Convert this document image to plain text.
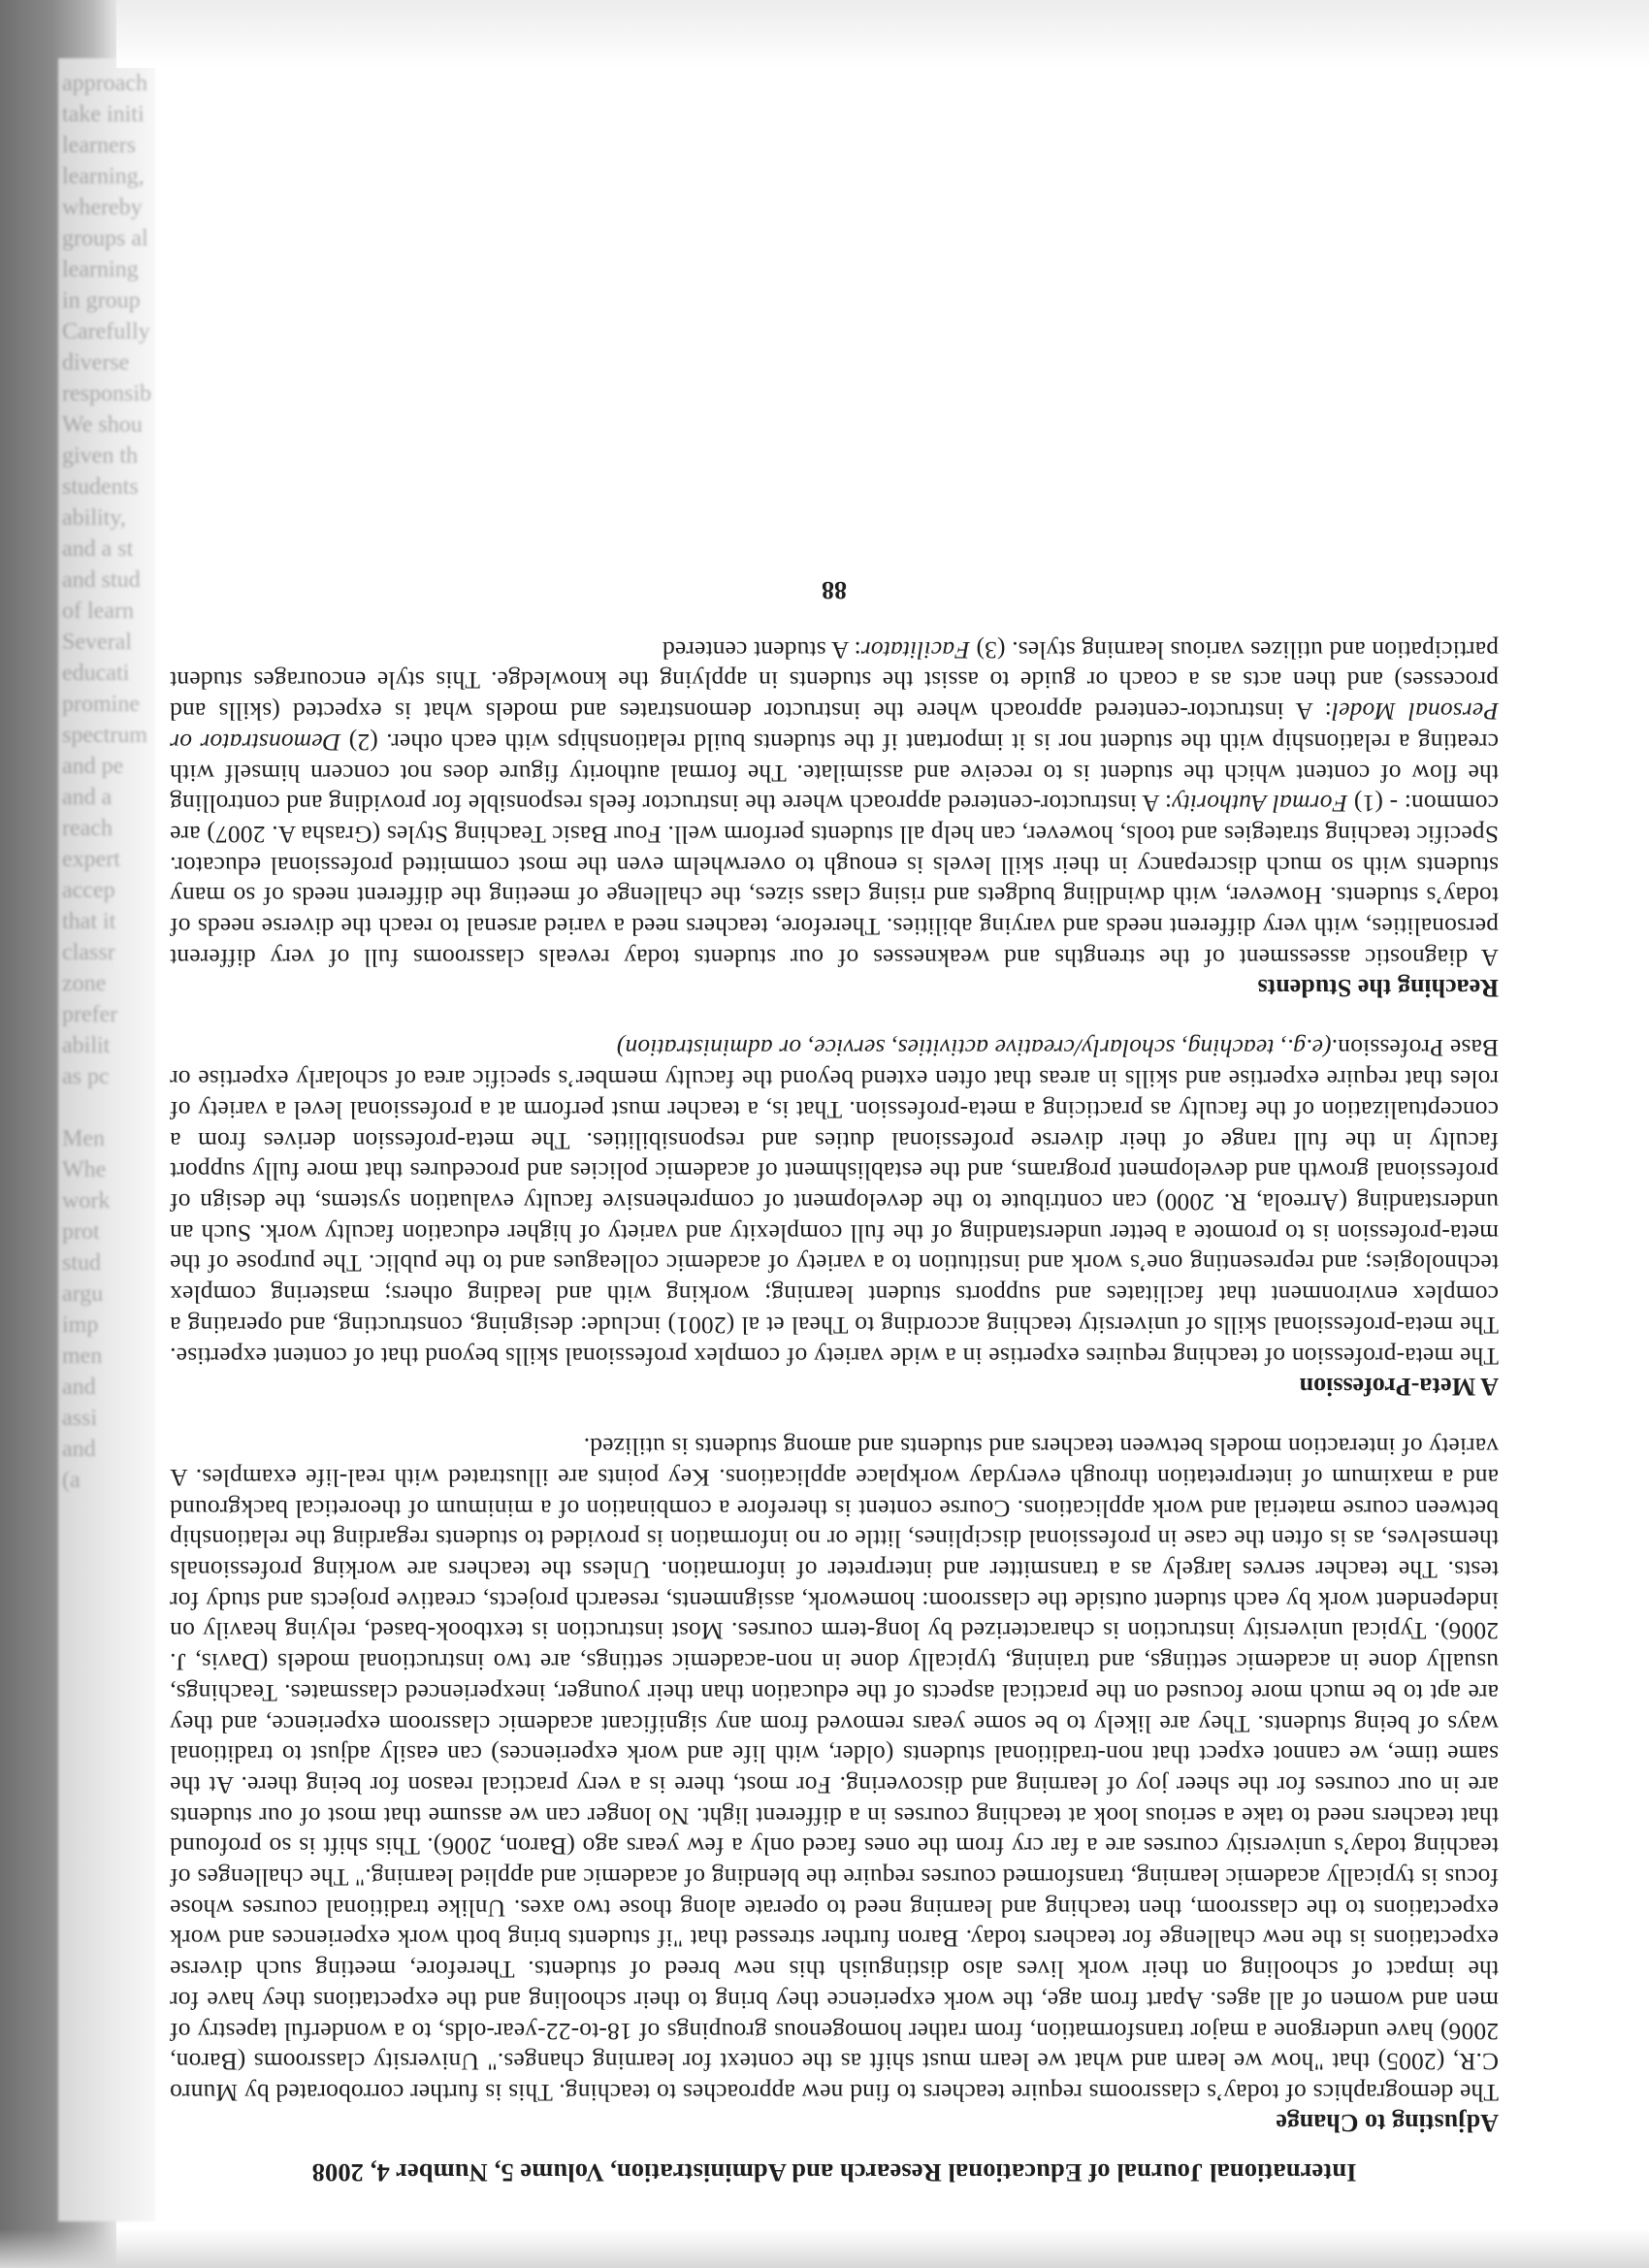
approach
take initi
learners
learning,
whereby
groups al
learning
in group
Carefully
diverse
responsib
We shou
given th
students
ability,
and a st
and stud
of learn
Several
educati
promine
spectrum
and pe
and a
reach
expert
accep
that it
classr
zone
prefer
abilit
as pc
Men
Whe
work
prot
stud
argu
imp
men
and
assi
and
(a
International Journal of Educational Research and Administration, Volume 5, Number 4, 2008
Adjusting to Change

The demographics of today’s classrooms require teachers to find new approaches to teaching. This is further corroborated by Munro C.R, (2005) that "how we learn and what we learn must shift as the context for learning changes." University classrooms (Baron, 2006) have undergone a major transformation, from rather homogenous groupings of 18-to-22-year-olds, to a wonderful tapestry of men and women of all ages. Apart from age, the work experience they bring to their schooling and the expectations they have for the impact of schooling on their work lives also distinguish this new breed of students. Therefore, meeting such diverse expectations is the new challenge for teachers today. Baron further stressed that "if students bring both work experiences and work expectations to the classroom, then teaching and learning need to operate along those two axes. Unlike traditional courses whose focus is typically academic learning, transformed courses require the blending of academic and applied learning." The challenges of teaching today’s university courses are a far cry from the ones faced only a few years ago (Baron, 2006). This shift is so profound that teachers need to take a serious look at teaching courses in a different light. No longer can we assume that most of our students are in our courses for the sheer joy of learning and discovering. For most, there is a very practical reason for being there. At the same time, we cannot expect that non-traditional students (older, with life and work experiences) can easily adjust to traditional ways of being students. They are likely to be some years removed from any significant academic classroom experience, and they are apt to be much more focused on the practical aspects of the education than their younger, inexperienced classmates. Teachings, usually done in academic settings, and training, typically done in non-academic settings, are two instructional models (Davis, J. 2006). Typical university instruction is characterized by long-term courses. Most instruction is textbook-based, relying heavily on independent work by each student outside the classroom: homework, assignments, research projects, creative projects and study for tests. The teacher serves largely as a transmitter and interpreter of information. Unless the teachers are working professionals themselves, as is often the case in professional disciplines, little or no information is provided to students regarding the relationship between course material and work applications. Course content is therefore a combination of a minimum of theoretical background and a maximum of interpretation through everyday workplace applications. Key points are illustrated with real-life examples. A variety of interaction models between teachers and students and among students is utilized.

A Meta-Profession

The meta-profession of teaching requires expertise in a wide variety of complex professional skills beyond that of content expertise. The meta-professional skills of university teaching according to Theal et al (2001) include: designing, constructing, and operating a complex environment that facilitates and supports student learning; working with and leading others; mastering complex technologies; and representing one’s work and institution to a variety of academic colleagues and to the public. The purpose of the meta-profession is to promote a better understanding of the full complexity and variety of higher education faculty work. Such an understanding (Arreola, R. 2000) can contribute to the development of comprehensive faculty evaluation systems, the design of professional growth and development programs, and the establishment of academic policies and procedures that more fully support faculty in the full range of their diverse professional duties and responsibilities. The meta-profession derives from a conceptualization of the faculty as practicing a meta-profession. That is, a teacher must perform at a professional level a variety of roles that require expertise and skills in areas that often extend beyond the faculty member’s specific area of scholarly expertise or Base Profession.(e.g., teaching, scholarly/creative activities, service, or administration)

Reaching the Students

A diagnostic assessment of the strengths and weaknesses of our students today reveals classrooms full of very different personalities, with very different needs and varying abilities. Therefore, teachers need a varied arsenal to reach the diverse needs of today’s students. However, with dwindling budgets and rising class sizes, the challenge of meeting the different needs of so many students with so much discrepancy in their skill levels is enough to overwhelm even the most committed professional educator. Specific teaching strategies and tools, however, can help all students perform well. Four Basic Teaching Styles (Grasha A. 2007) are common: - (1) Formal Authority: A instructor-centered approach where the instructor feels responsible for providing and controlling the flow of content which the student is to receive and assimilate. The formal authority figure does not concern himself with creating a relationship with the student nor is it important if the students build relationships with each other. (2) Demonstrator or Personal Model: A instructor-centered approach where the instructor demonstrates and models what is expected (skills and processes) and then acts as a coach or guide to assist the students in applying the knowledge. This style encourages student participation and utilizes various learning styles. (3) Facilitator: A student centered

88
